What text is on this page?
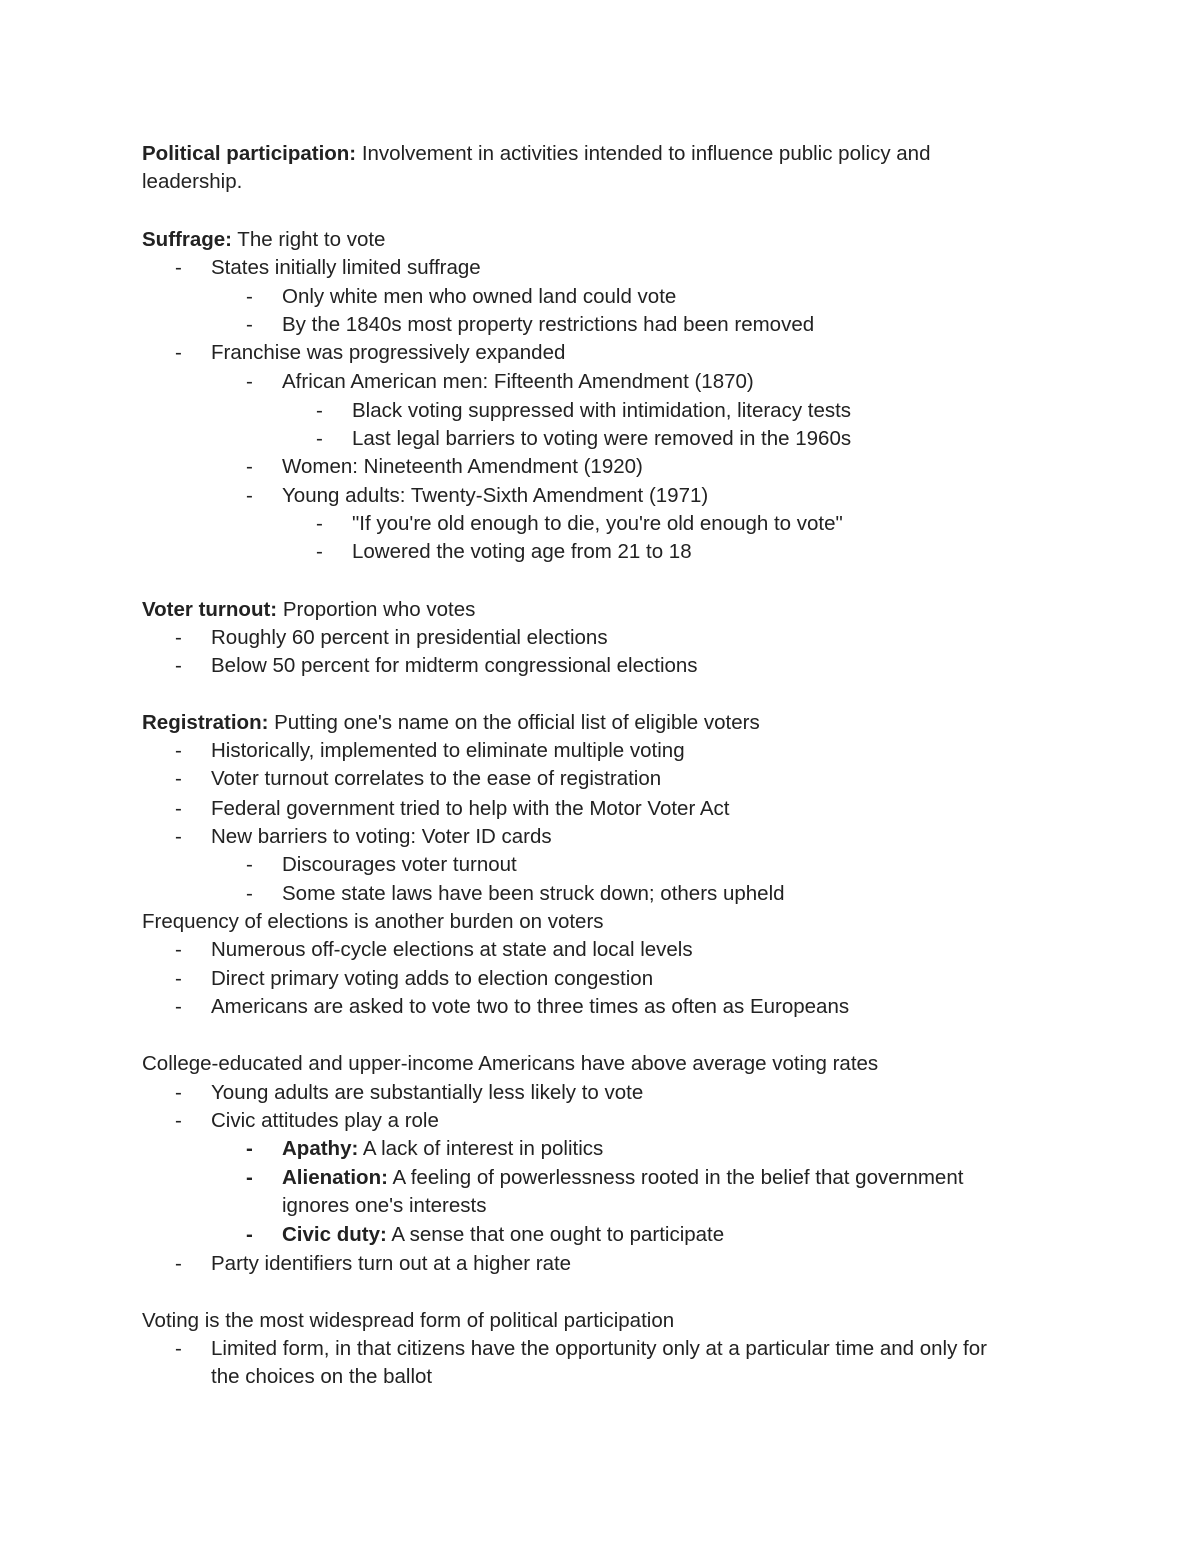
Political participation: Involvement in activities intended to influence public policy and
leadership.
Suffrage: The right to vote
-	States initially limited suffrage
-	Only white men who owned land could vote
-	By the 1840s most property restrictions had been removed
-	Franchise was progressively expanded
-	African American men: Fifteenth Amendment (1870)
-	Black voting suppressed with intimidation, literacy tests
-	Last legal barriers to voting were removed in the 1960s
-	Women: Nineteenth Amendment (1920)
-	Young adults: Twenty-Sixth Amendment (1971)
-	"If you're old enough to die, you're old enough to vote"
-	Lowered the voting age from 21 to 18
Voter turnout: Proportion who votes
-	Roughly 60 percent in presidential elections
-	Below 50 percent for midterm congressional elections
Registration: Putting one's name on the official list of eligible voters
-	Historically, implemented to eliminate multiple voting
-	Voter turnout correlates to the ease of registration
-	Federal government tried to help with the Motor Voter Act
-	New barriers to voting: Voter ID cards
-	Discourages voter turnout
-	Some state laws have been struck down; others upheld
Frequency of elections is another burden on voters
-	Numerous off-cycle elections at state and local levels
-	Direct primary voting adds to election congestion
-	Americans are asked to vote two to three times as often as Europeans
College-educated and upper-income Americans have above average voting rates
-	Young adults are substantially less likely to vote
-	Civic attitudes play a role
-	Apathy: A lack of interest in politics
-	Alienation: A feeling of powerlessness rooted in the belief that government
ignores one's interests
-	Civic duty: A sense that one ought to participate
-	Party identifiers turn out at a higher rate
Voting is the most widespread form of political participation
-	Limited form, in that citizens have the opportunity only at a particular time and only for
the choices on the ballot
